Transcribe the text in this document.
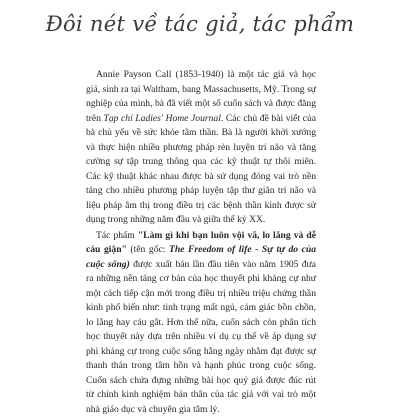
Đôi nét về tác giả, tác phẩm

Annie Payson Call (1853-1940) là một tác giả và học giả, sinh ra tại Waltham, bang Massachusetts, Mỹ. Trong sự nghiệp của mình, bà đã viết một số cuốn sách và được đăng trên Tạp chí Ladies' Home Journal. Các chủ đề bài viết của bà chủ yếu về sức khỏe tâm thần. Bà là người khởi xướng và thực hiện nhiều phương pháp rèn luyện trí não và tăng cường sự tập trung thông qua các kỹ thuật tự thôi miên. Các kỹ thuật khác nhau được bà sử dụng đóng vai trò nền tảng cho nhiều phương pháp luyện tập thư giãn trí não và liệu pháp âm thị trong điều trị các bệnh thần kinh được sử dụng trong những năm đầu và giữa thế kỷ XX.

Tác phẩm "Làm gì khi bạn luôn vội vã, lo lắng và dễ cáu giận" (tên gốc: The Freedom of life - Sự tự do của cuộc sống) được xuất bản lần đầu tiên vào năm 1905 đưa ra những nền tảng cơ bản của học thuyết phi kháng cự như một cách tiếp cận mới trong điều trị nhiều triệu chứng thần kinh phổ biến như: tình trạng mất ngủ, cảm giác bồn chồn, lo lắng hay cáu gắt. Hơn thế nữa, cuốn sách còn phân tích học thuyết này dựa trên nhiều ví dụ cụ thể về áp dụng sự phi kháng cự trong cuộc sống hằng ngày nhằm đạt được sự thanh thản trong tâm hồn và hạnh phúc trong cuộc sống. Cuốn sách chứa đựng những bài học quý giá được đúc rút từ chính kinh nghiệm bản thân của tác giả với vai trò một nhà giáo dục và chuyên gia tâm lý.
